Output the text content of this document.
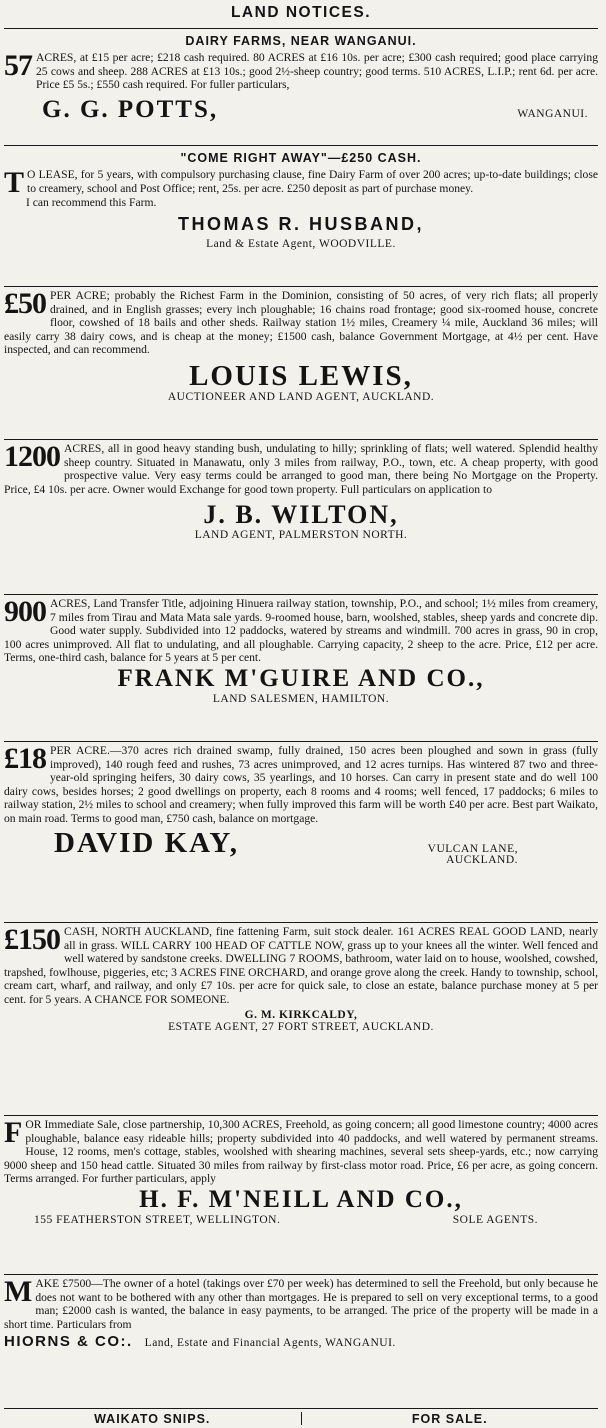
LAND NOTICES.
DAIRY FARMS, NEAR WANGANUI.
57 ACRES, at £15 per acre; £218 cash required. 80 ACRES at £16 10s. per acre; £300 cash required; good place carrying 25 cows and sheep. 288 ACRES at £13 10s.; good 2½-sheep country; good terms. 510 ACRES, L.I.P.; rent 6d. per acre. Price £5 5s.; £550 cash required. For fuller particulars,
G. G. POTTS,	WANGANUI.
"COME RIGHT AWAY"—£250 CASH.
T O LEASE, for 5 years, with compulsory purchasing clause, fine Dairy Farm of over 200 acres; up-to-date buildings; close to creamery, school and Post Office; rent, 25s. per acre. £250 deposit as part of purchase money.

I can recommend this Farm.

THOMAS R. HUSBAND,
Land & Estate Agent, WOODVILLE.
£50 PER ACRE; probably the Richest Farm in the Dominion, consisting of 50 acres, of very rich flats; all properly drained, and in English grasses; every inch ploughable; 16 chains road frontage; good six-roomed house, concrete floor, cowshed of 18 bails and other sheds. Railway station 1½ miles, Creamery ¼ mile, Auckland 36 miles; will easily carry 38 dairy cows, and is cheap at the money; £1500 cash, balance Government Mortgage, at 4½ per cent. Have inspected, and can recommend.
LOUIS LEWIS,
AUCTIONEER AND LAND AGENT, AUCKLAND.
1200 ACRES, all in good heavy standing bush, undulating to hilly; sprinkling of flats; well watered. Splendid healthy sheep country. Situated in Manawatu, only 3 miles from railway, P.O., town, etc. A cheap property, with good prospective value. Very easy terms could be arranged to good man, there being No Mortgage on the Property. Price, £4 10s. per acre. Owner would Exchange for good town property. Full particulars on application to
J. B. WILTON,
LAND AGENT, PALMERSTON NORTH.
900 ACRES, Land Transfer Title, adjoining Hinuera railway station, township, P.O., and school; 1½ miles from creamery, 7 miles from Tirau and Mata Mata sale yards. 9-roomed house, barn, woolshed, stables, sheep yards and concrete dip. Good water supply. Subdivided into 12 paddocks, watered by streams and windmill. 700 acres in grass, 90 in crop, 100 acres unimproved. All flat to undulating, and all ploughable. Carrying capacity, 2 sheep to the acre. Price, £12 per acre. Terms, one-third cash, balance for 5 years at 5 per cent.
FRANK M'GUIRE AND CO.,
LAND SALESMEN, HAMILTON.
£18 PER ACRE.—370 acres rich drained swamp, fully drained, 150 acres been ploughed and sown in grass (fully improved), 140 rough feed and rushes, 73 acres unimproved, and 12 acres turnips. Has wintered 87 two and three-year-old springing heifers, 30 dairy cows, 35 yearlings, and 10 horses. Can carry in present state and do well 100 dairy cows, besides horses; 2 good dwellings on property, each 8 rooms and 4 rooms; well fenced, 17 paddocks; 6 miles to railway station, 2½ miles to school and creamery; when fully improved this farm will be worth £40 per acre. Best part Waikato, on main road. Terms to good man, £750 cash, balance on mortgage.
DAVID KAY,	VULCAN LANE,
AUCKLAND.
£150 CASH, NORTH AUCKLAND, fine fattening Farm, suit stock dealer. 161 ACRES REAL GOOD LAND, nearly all in grass. WILL CARRY 100 HEAD OF CATTLE NOW, grass up to your knees all the winter. Well fenced and well watered by sandstone creeks. DWELLING 7 ROOMS, bathroom, water laid on to house, woolshed, cowshed, trapshed, fowlhouse, piggeries, etc; 3 ACRES FINE ORCHARD, and orange grove along the creek. Handy to township, school, cream cart, wharf, and railway, and only £7 10s. per acre for quick sale, to close an estate, balance purchase money at 5 per cent. for 5 years. A CHANCE FOR SOMEONE.
G. M. KIRKCALDY,
ESTATE AGENT, 27 FORT STREET, AUCKLAND.
F OR Immediate Sale, close partnership, 10,300 ACRES, Freehold, as going concern; all good limestone country; 4000 acres ploughable, balance easy rideable hills; property subdivided into 40 paddocks, and well watered by permanent streams. House, 12 rooms, men's cottage, stables, woolshed with shearing machines, several sets sheep-yards, etc.; now carrying 9000 sheep and 150 head cattle. Situated 30 miles from railway by first-class motor road. Price, £6 per acre, as going concern. Terms arranged. For further particulars, apply
H. F. M'NEILL AND CO.,
155 FEATHERSTON STREET, WELLINGTON.	SOLE AGENTS.
M AKE £7500—The owner of a hotel (takings over £70 per week) has determined to sell the Freehold, but only because he does not want to be bothered with any other than mortgages. He is prepared to sell on very exceptional terms, to a good man; £2000 cash is wanted, the balance in easy payments, to be arranged. The price of the property will be made in a short time. Particulars from
HIORNS & CO:. Land, Estate and Financial Agents, WANGANUI.
WAIKATO SNIPS.	FOR SALE.
